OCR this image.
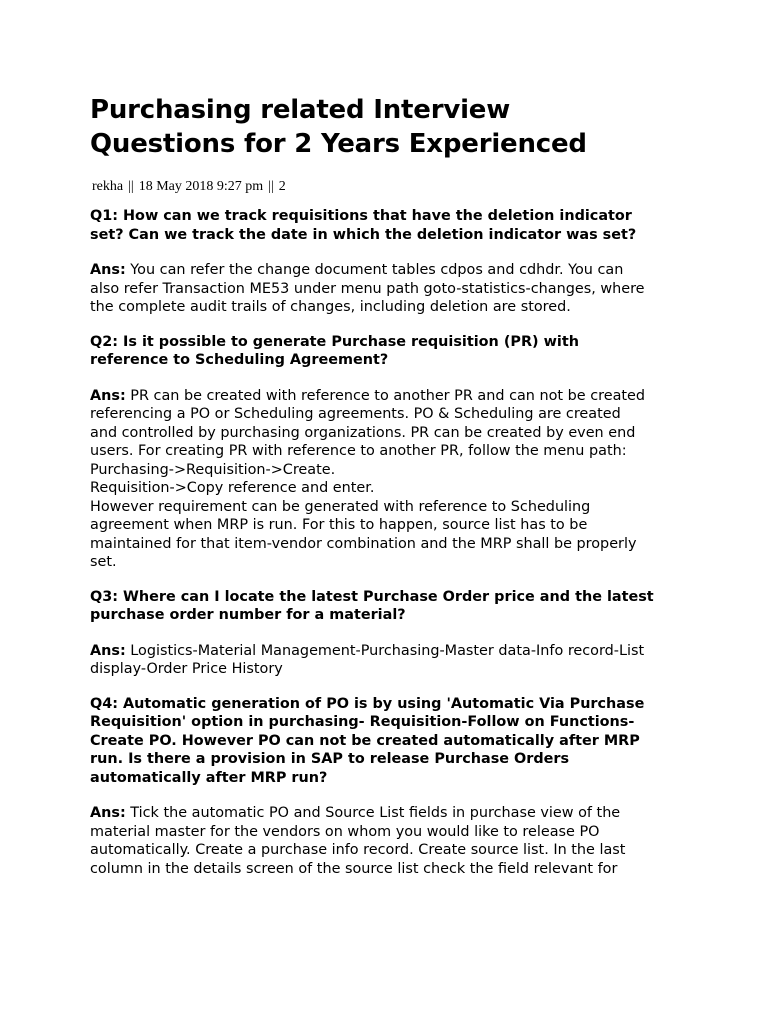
Purchasing related Interview
Questions for 2 Years Experienced
rekha || 18 May 2018 9:27 pm || 2

Q1: How can we track requisitions that have the deletion indicator
set? Can we track the date in which the deletion indicator was set?

Ans: You can refer the change document tables cdpos and cdhdr. You can
also refer Transaction ME53 under menu path goto-statistics-changes, where
the complete audit trails of changes, including deletion are stored.

Q2: Is it possible to generate Purchase requisition (PR) with
reference to Scheduling Agreement?

Ans: PR can be created with reference to another PR and can not be created
referencing a PO or Scheduling agreements. PO & Scheduling are created
and controlled by purchasing organizations. PR can be created by even end
users. For creating PR with reference to another PR, follow the menu path:
Purchasing->Requisition->Create.
Requisition->Copy reference and enter.
However requirement can be generated with reference to Scheduling
agreement when MRP is run. For this to happen, source list has to be
maintained for that item-vendor combination and the MRP shall be properly
set.

Q3: Where can I locate the latest Purchase Order price and the latest
purchase order number for a material?

Ans: Logistics-Material Management-Purchasing-Master data-Info record-List
display-Order Price History

Q4: Automatic generation of PO is by using 'Automatic Via Purchase
Requisition' option in purchasing- Requisition-Follow on Functions-
Create PO. However PO can not be created automatically after MRP
run. Is there a provision in SAP to release Purchase Orders
automatically after MRP run?

Ans: Tick the automatic PO and Source List fields in purchase view of the
material master for the vendors on whom you would like to release PO
automatically. Create a purchase info record. Create source list. In the last
column in the details screen of the source list check the field relevant for
